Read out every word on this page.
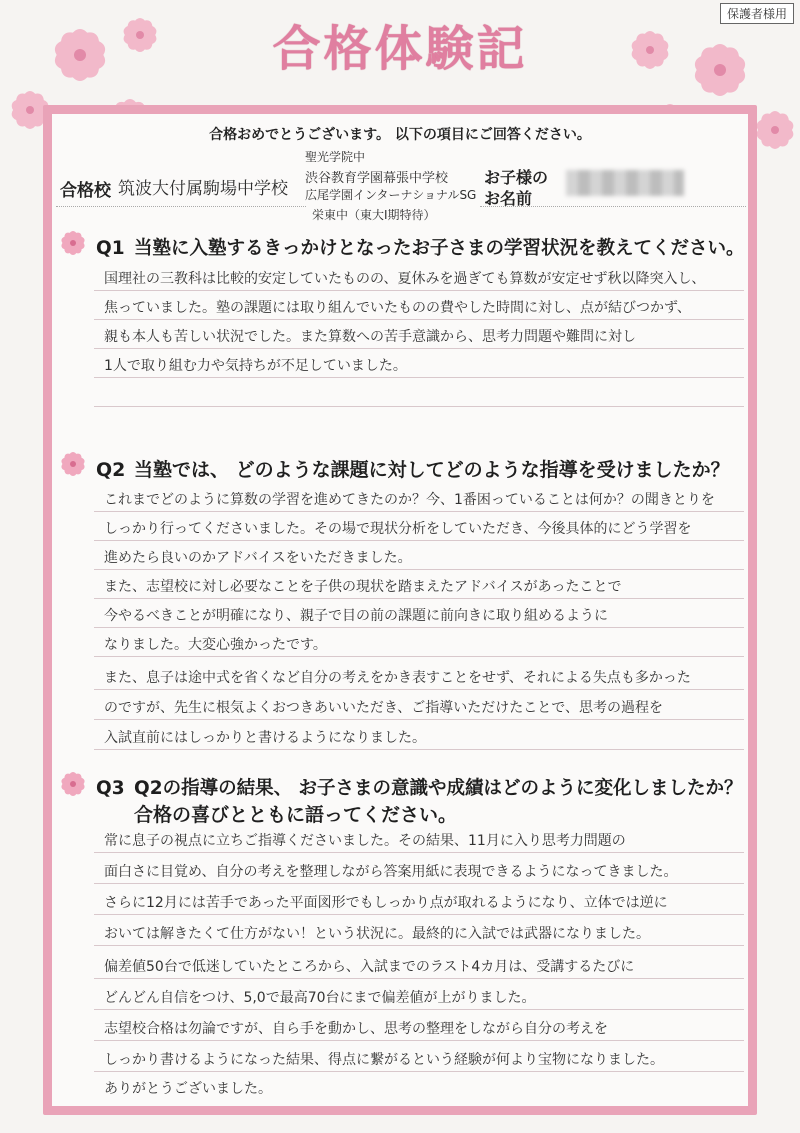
保護者様用
合格体験記
合格おめでとうございます。 以下の項目にご回答ください。
合格校 筑波大付属駒場中学校
聖光学院中
渋谷教育学園幕張中学校
広尾学園インターナショナルSG
栄東中（東大Ⅰ期特待）
お子様の
お名前
Q1 当塾に入塾するきっかけとなったお子さまの学習状況を教えてください。
国理社の三教科は比較的安定していたものの、夏休みを過ぎても算数が安定せず秋以降突入し、
焦っていました。塾の課題には取り組んでいたものの費やした時間に対し、点が結びつかず、
親も本人も苦しい状況でした。また算数への苦手意識から、思考力問題や難問に対し
1人で取り組む力や気持ちが不足していました。
Q2 当塾では、 どのような課題に対してどのような指導を受けましたか？
これまでどのように算数の学習を進めてきたのか？今、1番困っていることは何か？の聞きとりを
しっかり行ってくださいました。その場で現状分析をしていただき、今後具体的にどう学習を
進めたら良いのかアドバイスをいただきました。
また、志望校に対し必要なことを子供の現状を踏まえたアドバイスがあったことで
今やるべきことが明確になり、親子で目の前の課題に前向きに取り組めるように
なりました。大変心強かったです。
また、息子は途中式を省くなど自分の考えをかき表すことをせず、それによる失点も多かった
のですが、先生に根気よくおつきあいいただき、ご指導いただけたことで、思考の過程を
入試直前にはしっかりと書けるようになりました。
Q3 Q2の指導の結果、 お子さまの意識や成績はどのように変化しましたか？
合格の喜びとともに語ってください。
常に息子の視点に立ちご指導くださいました。その結果、11月に入り思考力問題の
面白さに目覚め、自分の考えを整理しながら答案用紙に表現できるようになってきました。
さらに12月には苦手であった平面図形でもしっかり点が取れるようになり、立体では逆に
おいては解きたくて仕方がない！という状況に。最終的に入試では武器になりました。
偏差値50台で低迷していたところから、入試までのラスト4カ月は、受講するたびに
どんどん自信をつけ、5,0で最高70台にまで偏差値が上がりました。
志望校合格は勿論ですが、自ら手を動かし、思考の整理をしながら自分の考えを
しっかり書けるようになった結果、得点に繋がるという経験が何より宝物になりました。
ありがとうございました。
